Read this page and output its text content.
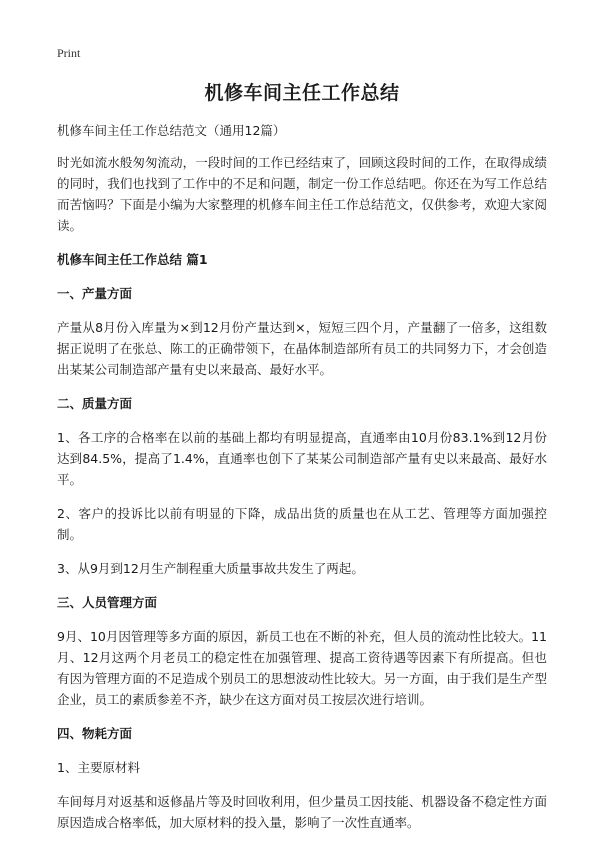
Print
机修车间主任工作总结

机修车间主任工作总结范文（通用12篇）

时光如流水般匆匆流动，一段时间的工作已经结束了，回顾这段时间的工作，在取得成绩的同时，我们也找到了工作中的不足和问题，制定一份工作总结吧。你还在为写工作总结而苦恼吗？下面是小编为大家整理的机修车间主任工作总结范文，仅供参考，欢迎大家阅读。

机修车间主任工作总结 篇1

一、产量方面

产量从8月份入库量为×到12月份产量达到×，短短三四个月，产量翻了一倍多，这组数据正说明了在张总、陈工的正确带领下，在晶体制造部所有员工的共同努力下，才会创造出某某公司制造部产量有史以来最高、最好水平。

二、质量方面

1、各工序的合格率在以前的基础上都均有明显提高，直通率由10月份83.1%到12月份达到84.5%，提高了1.4%，直通率也创下了某某公司制造部产量有史以来最高、最好水平。

2、客户的投诉比以前有明显的下降，成品出货的质量也在从工艺、管理等方面加强控制。

3、从9月到12月生产制程重大质量事故共发生了两起。

三、人员管理方面

9月、10月因管理等多方面的原因，新员工也在不断的补充，但人员的流动性比较大。11月、12月这两个月老员工的稳定性在加强管理、提高工资待遇等因素下有所提高。但也有因为管理方面的不足造成个别员工的思想波动性比较大。另一方面，由于我们是生产型企业，员工的素质参差不齐，缺少在这方面对员工按层次进行培训。

四、物耗方面

1、主要原材料

车间每月对返基和返修晶片等及时回收利用，但少量员工因技能、机器设备不稳定性方面原因造成合格率低，加大原材料的投入量，影响了一次性直通率。
